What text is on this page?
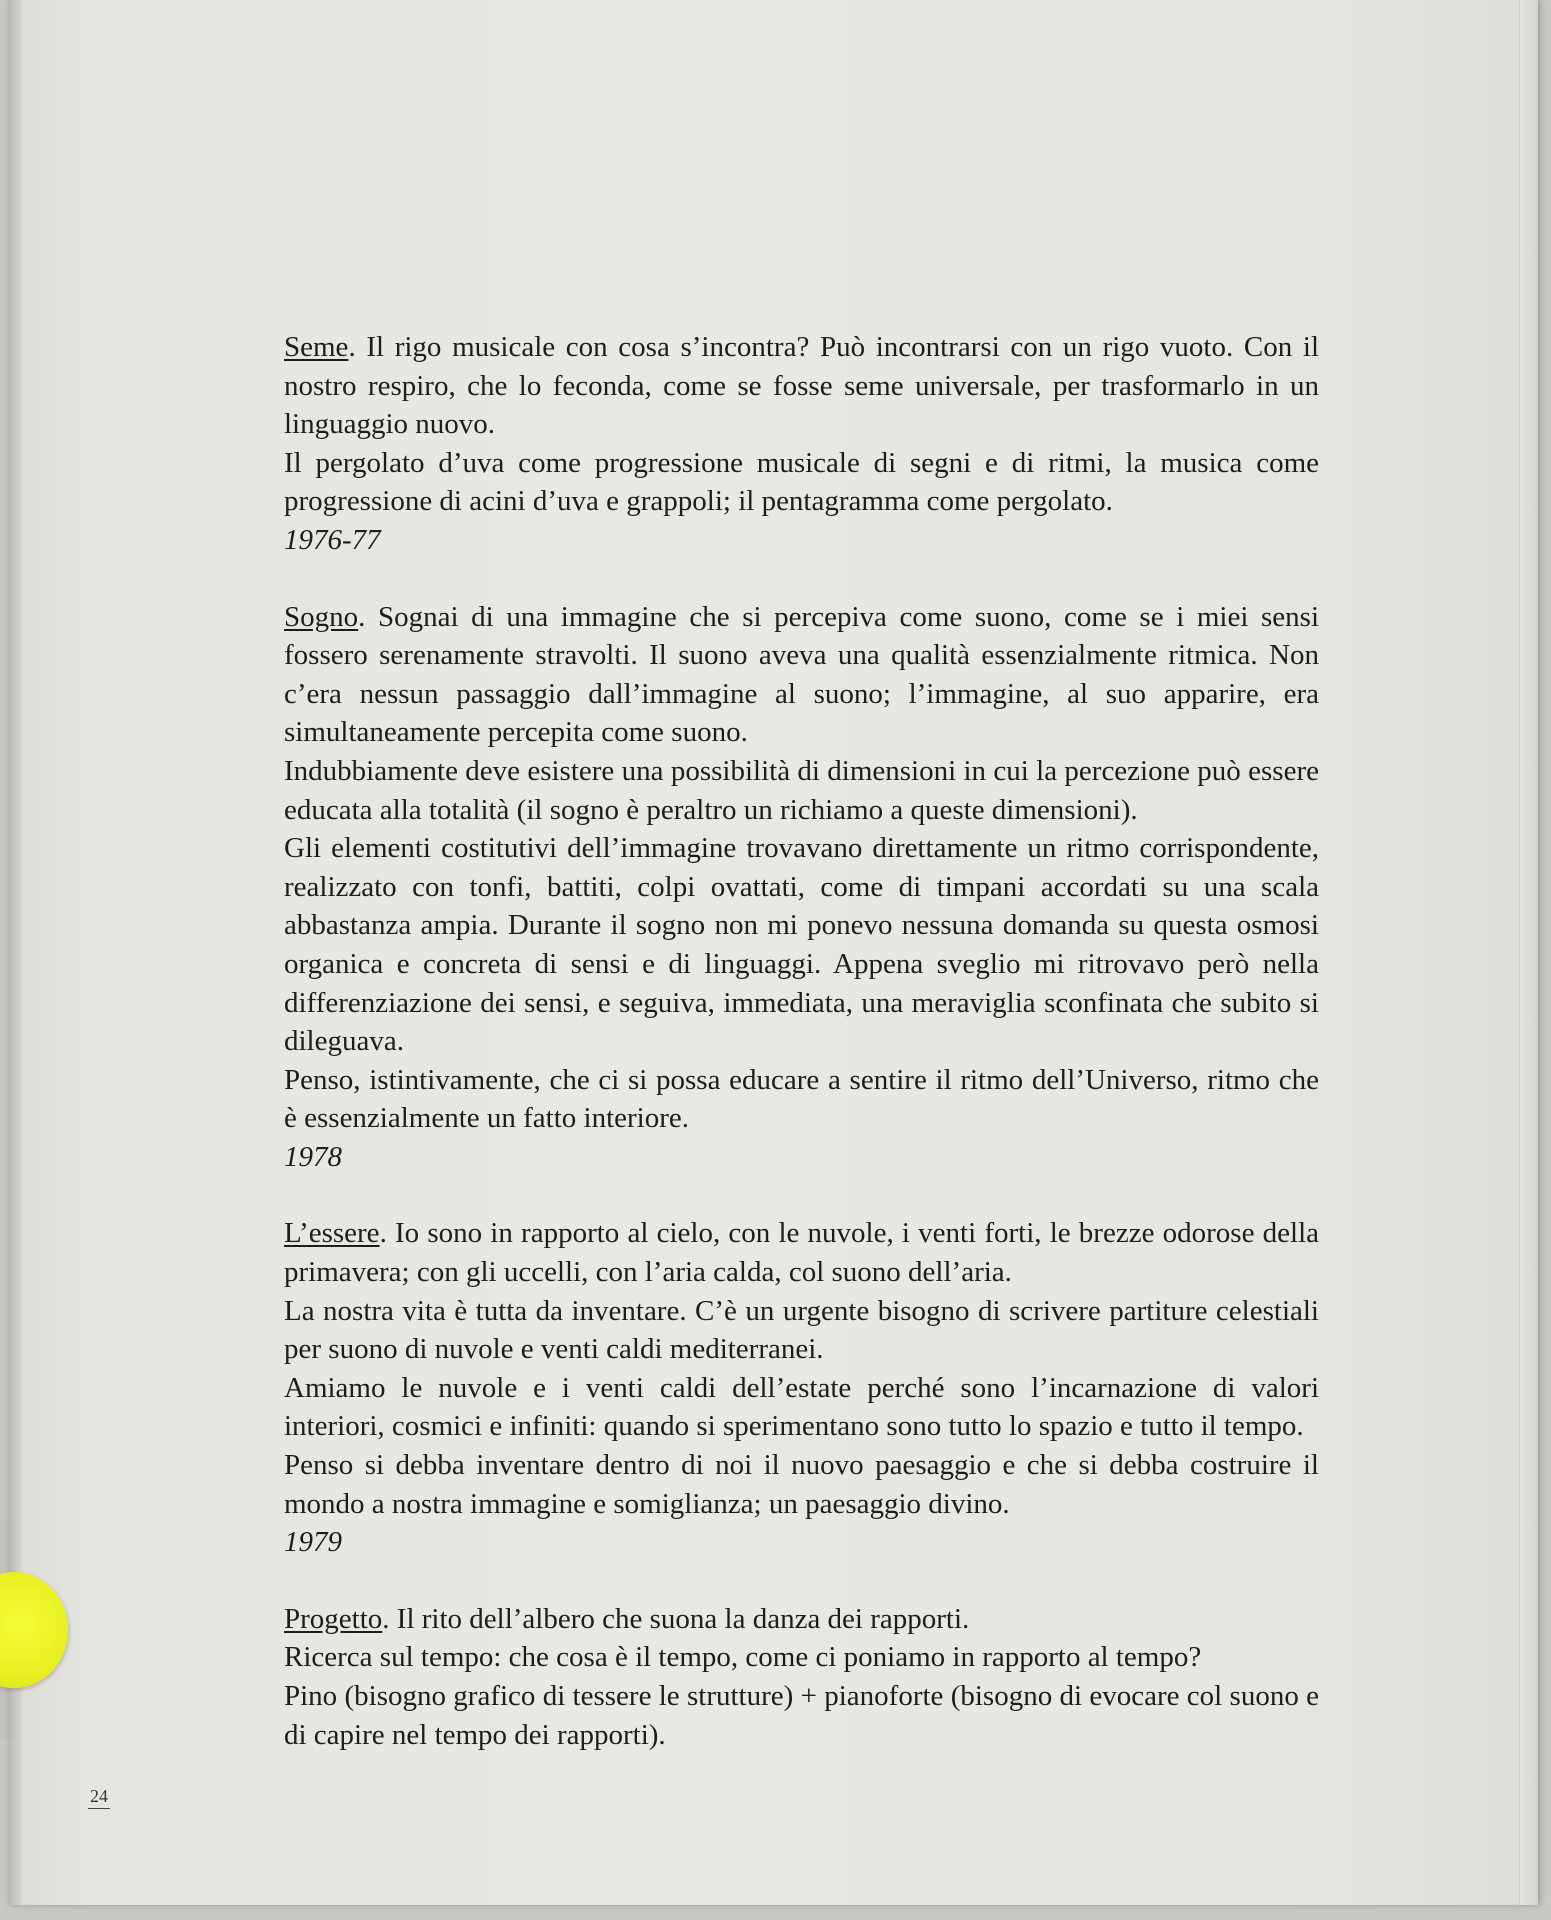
Seme. Il rigo musicale con cosa s’incontra? Può incontrarsi con un rigo vuoto. Con il nostro respiro, che lo feconda, come se fosse seme universale, per trasformarlo in un linguaggio nuovo.

Il pergolato d’uva come progressione musicale di segni e di ritmi, la musica come progressione di acini d’uva e grappoli; il pentagramma come pergolato.

1976-77

Sogno. Sognai di una immagine che si percepiva come suono, come se i miei sensi fossero serenamente stravolti. Il suono aveva una qualità essenzialmente ritmica. Non c’era nessun passaggio dall’immagine al suono; l’immagine, al suo apparire, era simultaneamente percepita come suono.

Indubbiamente deve esistere una possibilità di dimensioni in cui la percezione può essere educata alla totalità (il sogno è peraltro un richiamo a queste dimensioni).

Gli elementi costitutivi dell’immagine trovavano direttamente un ritmo corrispondente, realizzato con tonfi, battiti, colpi ovattati, come di timpani accordati su una scala abbastanza ampia. Durante il sogno non mi ponevo nessuna domanda su questa osmosi organica e concreta di sensi e di linguaggi. Appena sveglio mi ritrovavo però nella differenziazione dei sensi, e seguiva, immediata, una meraviglia sconfinata che subito si dileguava.

Penso, istintivamente, che ci si possa educare a sentire il ritmo dell’Universo, ritmo che è essenzialmente un fatto interiore.

1978

L’essere. Io sono in rapporto al cielo, con le nuvole, i venti forti, le brezze odorose della primavera; con gli uccelli, con l’aria calda, col suono dell’aria.

La nostra vita è tutta da inventare. C’è un urgente bisogno di scrivere partiture celestiali per suono di nuvole e venti caldi mediterranei.

Amiamo le nuvole e i venti caldi dell’estate perché sono l’incarnazione di valori interiori, cosmici e infiniti: quando si sperimentano sono tutto lo spazio e tutto il tempo.

Penso si debba inventare dentro di noi il nuovo paesaggio e che si debba costruire il mondo a nostra immagine e somiglianza; un paesaggio divino.

1979

Progetto. Il rito dell’albero che suona la danza dei rapporti.

Ricerca sul tempo: che cosa è il tempo, come ci poniamo in rapporto al tempo?

Pino (bisogno grafico di tessere le strutture) + pianoforte (bisogno di evocare col suono e di capire nel tempo dei rapporti).

24
